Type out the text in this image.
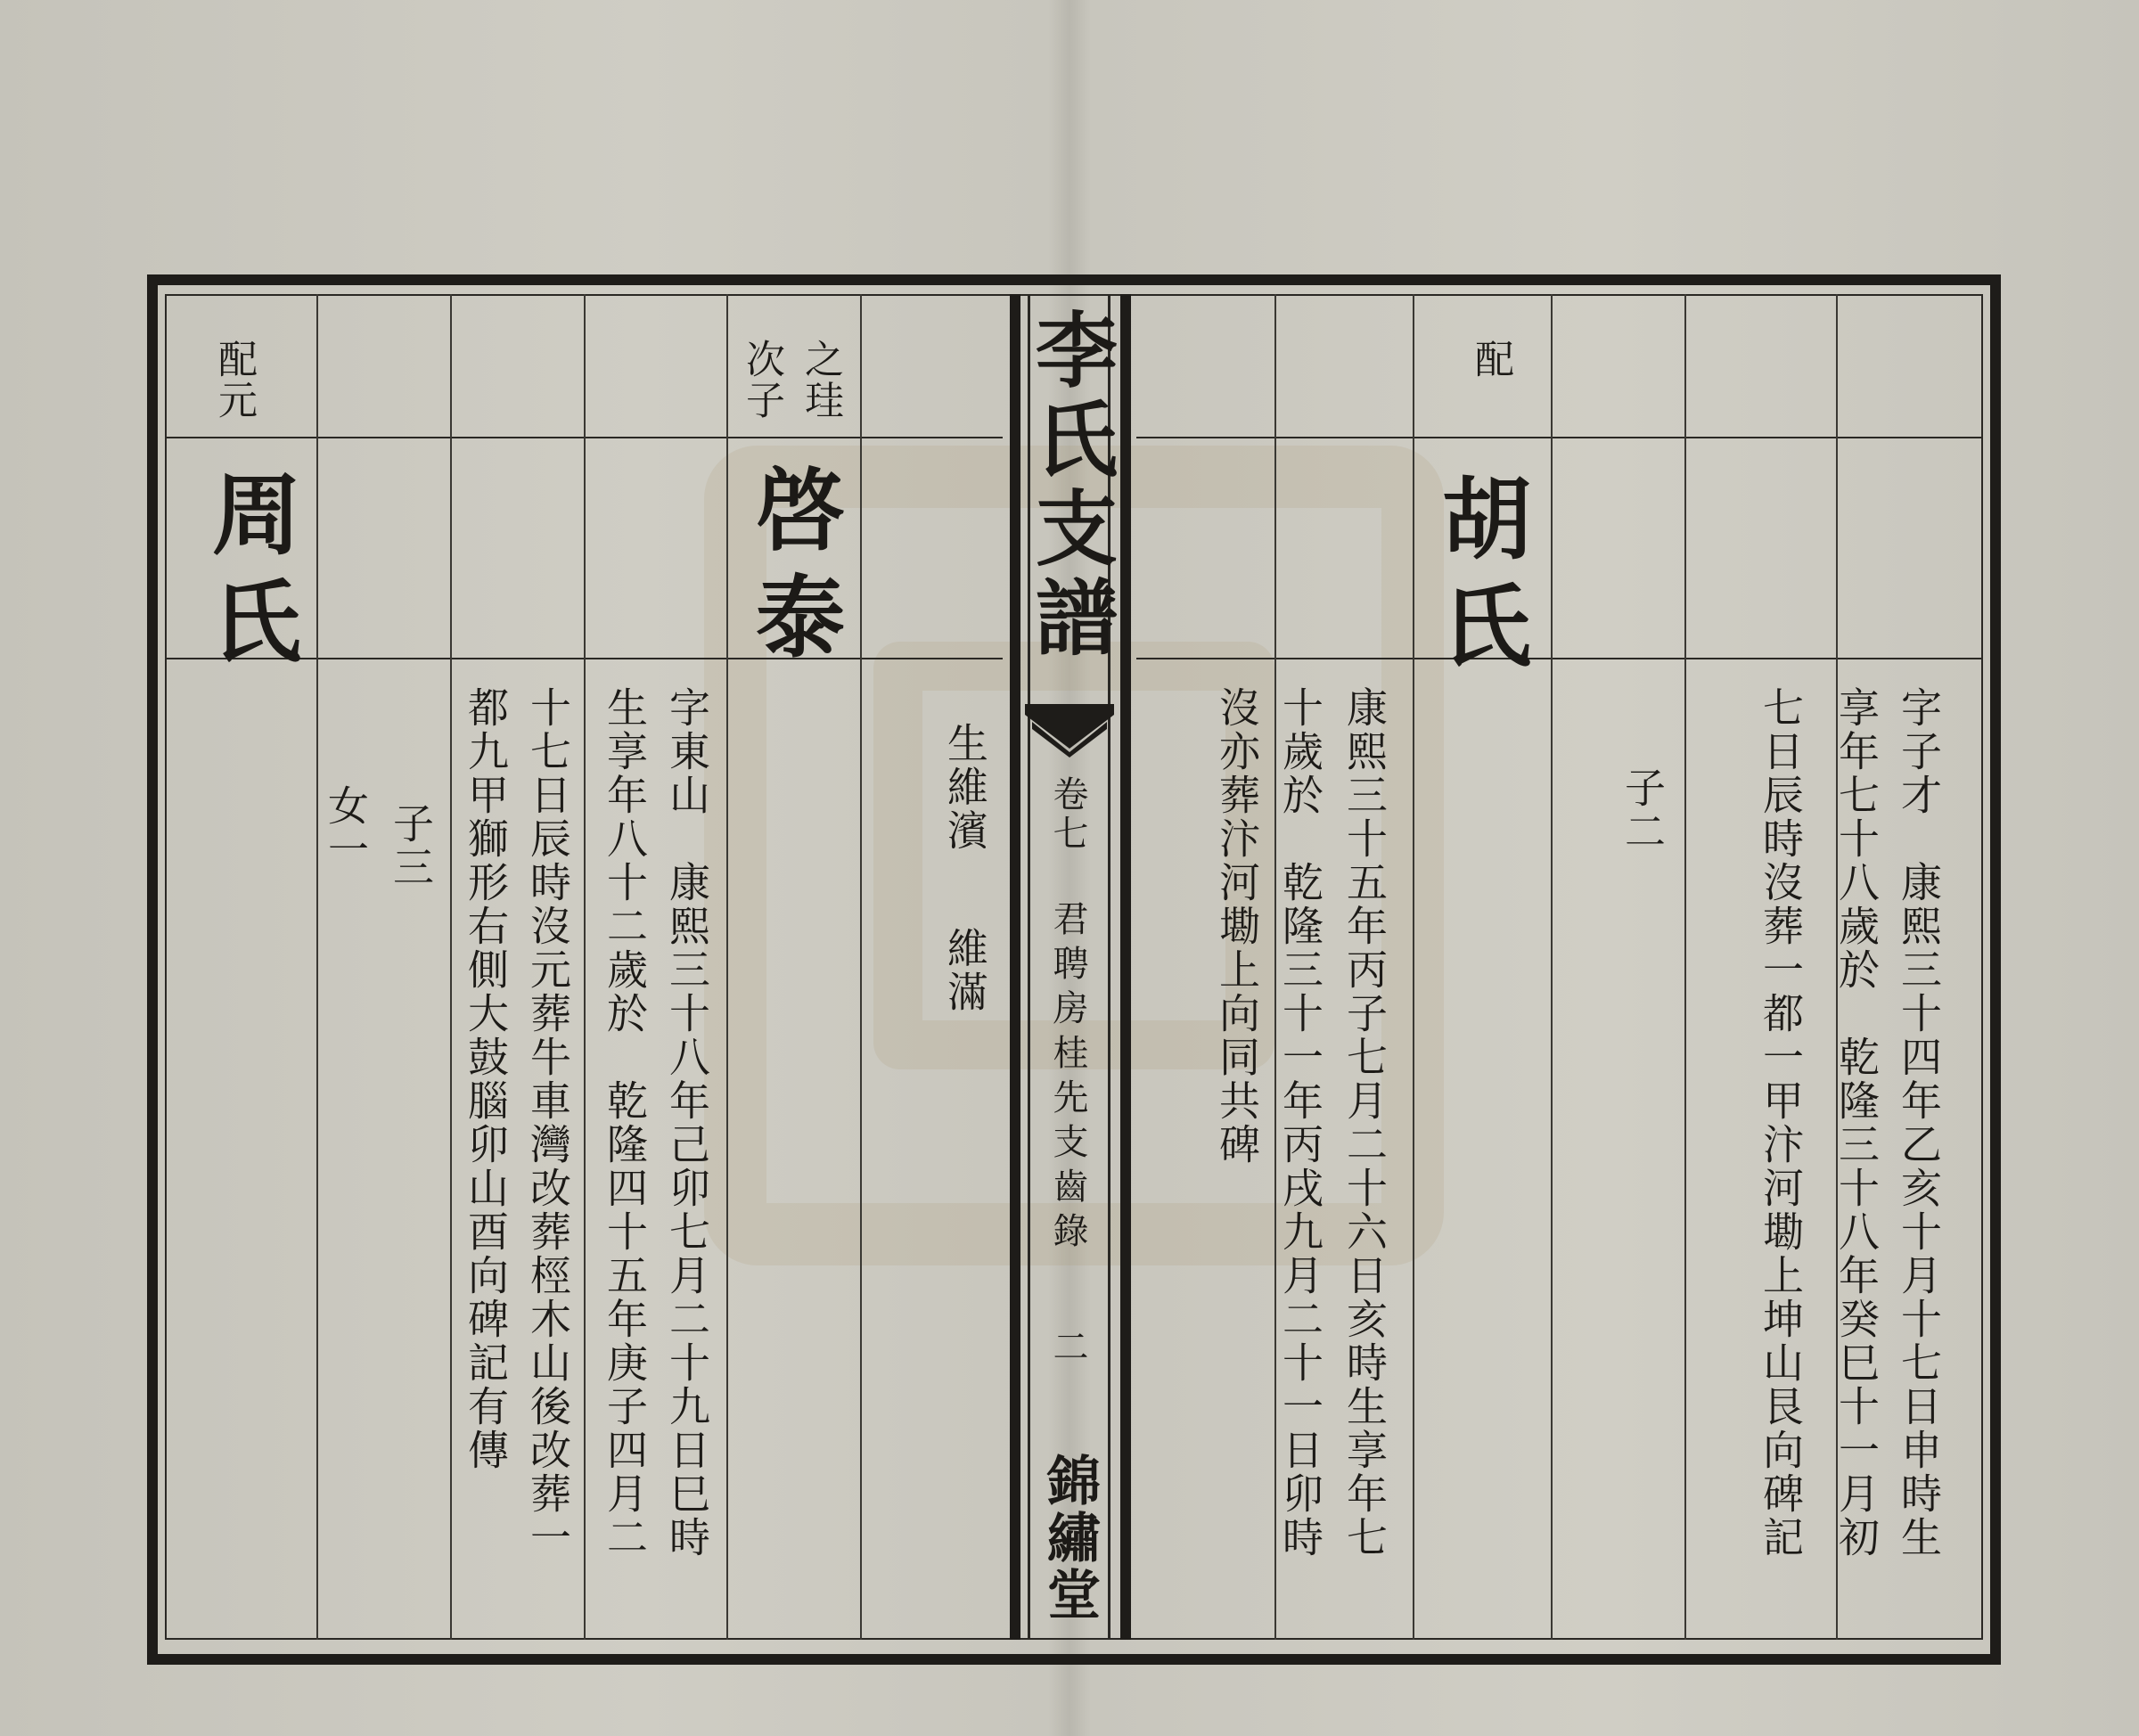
李氏支譜
卷七
君聘房桂先支齒錄
二
錦繡堂
配
胡氏
字子才　康熙三十四年乙亥十月十七日申時生
享年七十八歲於　乾隆三十八年癸巳十一月初
七日辰時沒葬一都一甲汴河墈上坤山艮向碑記
子二
康熙三十五年丙子七月二十六日亥時生享年七
十歲於　乾隆三十一年丙戌九月二十一日卯時
沒亦葬汴河墈上向同共碑
之珪
次子
啓泰
生維濱
維滿
字東山　康熙三十八年己卯七月二十九日巳時
生享年八十二歲於　乾隆四十五年庚子四月二
十七日辰時沒元葬牛車灣改葬桱木山後改葬一
都九甲獅形右側大鼓腦卯山酉向碑記有傳
子三
女一
配元
周氏
